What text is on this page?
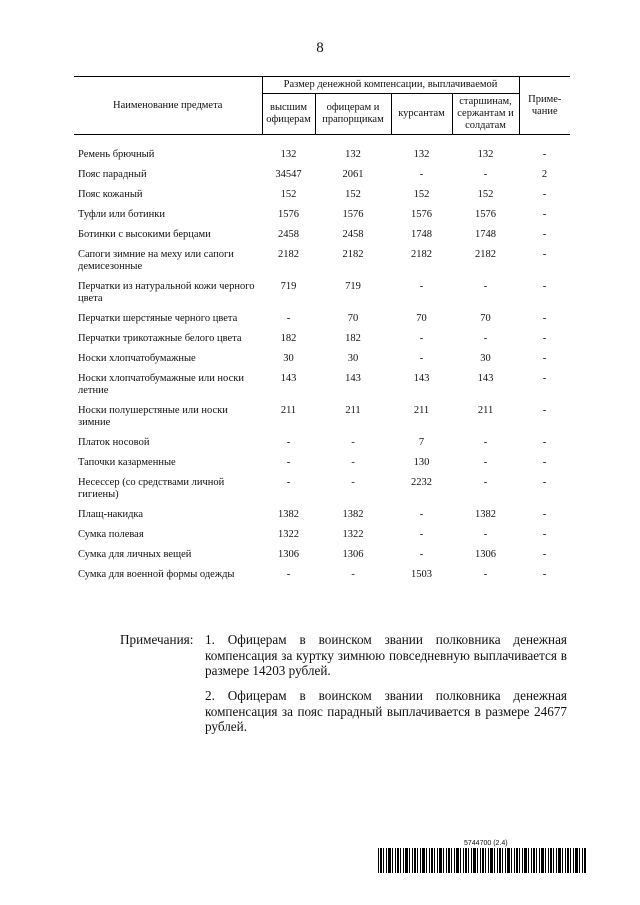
8
Наименование предмета	Размер денежной компенсации, выплачиваемой				Приме-чание
	высшим офицерам	офицерам и прапорщикам	курсантам	старшинам, сержантам и солдатам	

Ремень брючный	132	132	132	132	-
Пояс парадный	34547	2061	-	-	2
Пояс кожаный	152	152	152	152	-
Туфли или ботинки	1576	1576	1576	1576	-
Ботинки с высокими берцами	2458	2458	1748	1748	-
Сапоги зимние на меху или сапоги демисезонные	2182	2182	2182	2182	-
Перчатки из натуральной кожи черного цвета	719	719	-	-	-
Перчатки шерстяные черного цвета	-	70	70	70	-
Перчатки трикотажные белого цвета	182	182	-	-	-
Носки хлопчатобумажные	30	30	-	30	-
Носки хлопчатобумажные или носки летние	143	143	143	143	-
Носки полушерстяные или носки зимние	211	211	211	211	-
Платок носовой	-	-	7	-	-
Тапочки казарменные	-	-	130	-	-
Несессер (со средствами личной гигиены)	-	-	2232	-	-
Плащ-накидка	1382	1382	-	1382	-
Сумка полевая	1322	1322	-	-	-
Сумка для личных вещей	1306	1306	-	1306	-
Сумка для военной формы одежды	-	-	1503	-	-
Примечания: 1. Офицерам в воинском звании полковника денежная компенсация за куртку зимнюю повседневную выплачивается в размере 14203 рублей.
2. Офицерам в воинском звании полковника денежная компенсация за пояс парадный выплачивается в размере 24677 рублей.
5744700 (2.4)
